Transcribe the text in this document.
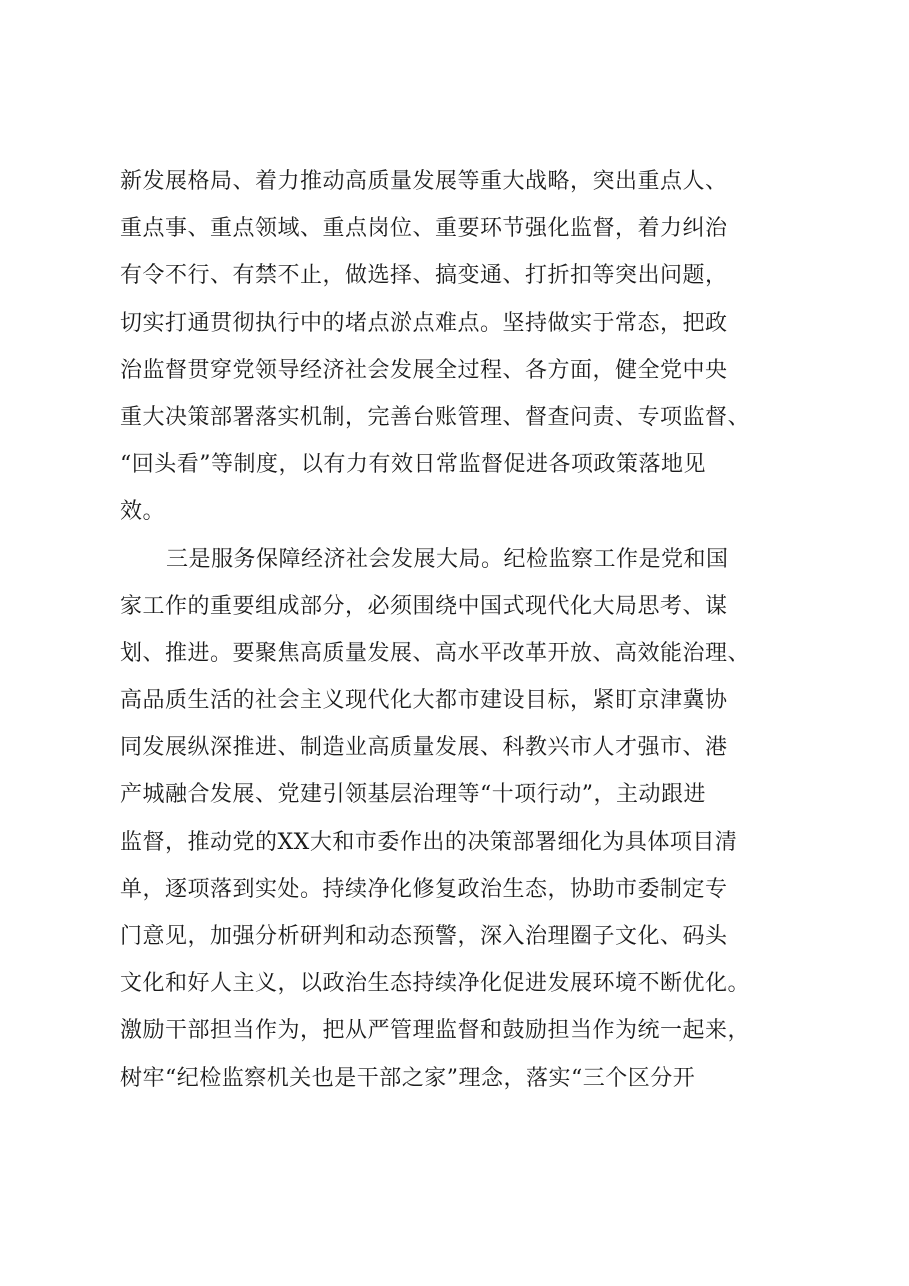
新发展格局、着力推动高质量发展等重大战略，突出重点人、
重点事、重点领域、重点岗位、重要环节强化监督，着力纠治
有令不行、有禁不止，做选择、搞变通、打折扣等突出问题，
切实打通贯彻执行中的堵点淤点难点。坚持做实于常态，把政
治监督贯穿党领导经济社会发展全过程、各方面，健全党中央
重大决策部署落实机制，完善台账管理、督查问责、专项监督、
“回头看”等制度，以有力有效日常监督促进各项政策落地见
效。
三是服务保障经济社会发展大局。纪检监察工作是党和国
家工作的重要组成部分，必须围绕中国式现代化大局思考、谋
划、推进。要聚焦高质量发展、高水平改革开放、高效能治理、
高品质生活的社会主义现代化大都市建设目标，紧盯京津冀协
同发展纵深推进、制造业高质量发展、科教兴市人才强市、港
产城融合发展、党建引领基层治理等“十项行动”，主动跟进
监督，推动党的XX大和市委作出的决策部署细化为具体项目清
单，逐项落到实处。持续净化修复政治生态，协助市委制定专
门意见，加强分析研判和动态预警，深入治理圈子文化、码头
文化和好人主义，以政治生态持续净化促进发展环境不断优化。
激励干部担当作为，把从严管理监督和鼓励担当作为统一起来，
树牢“纪检监察机关也是干部之家”理念，落实“三个区分开
